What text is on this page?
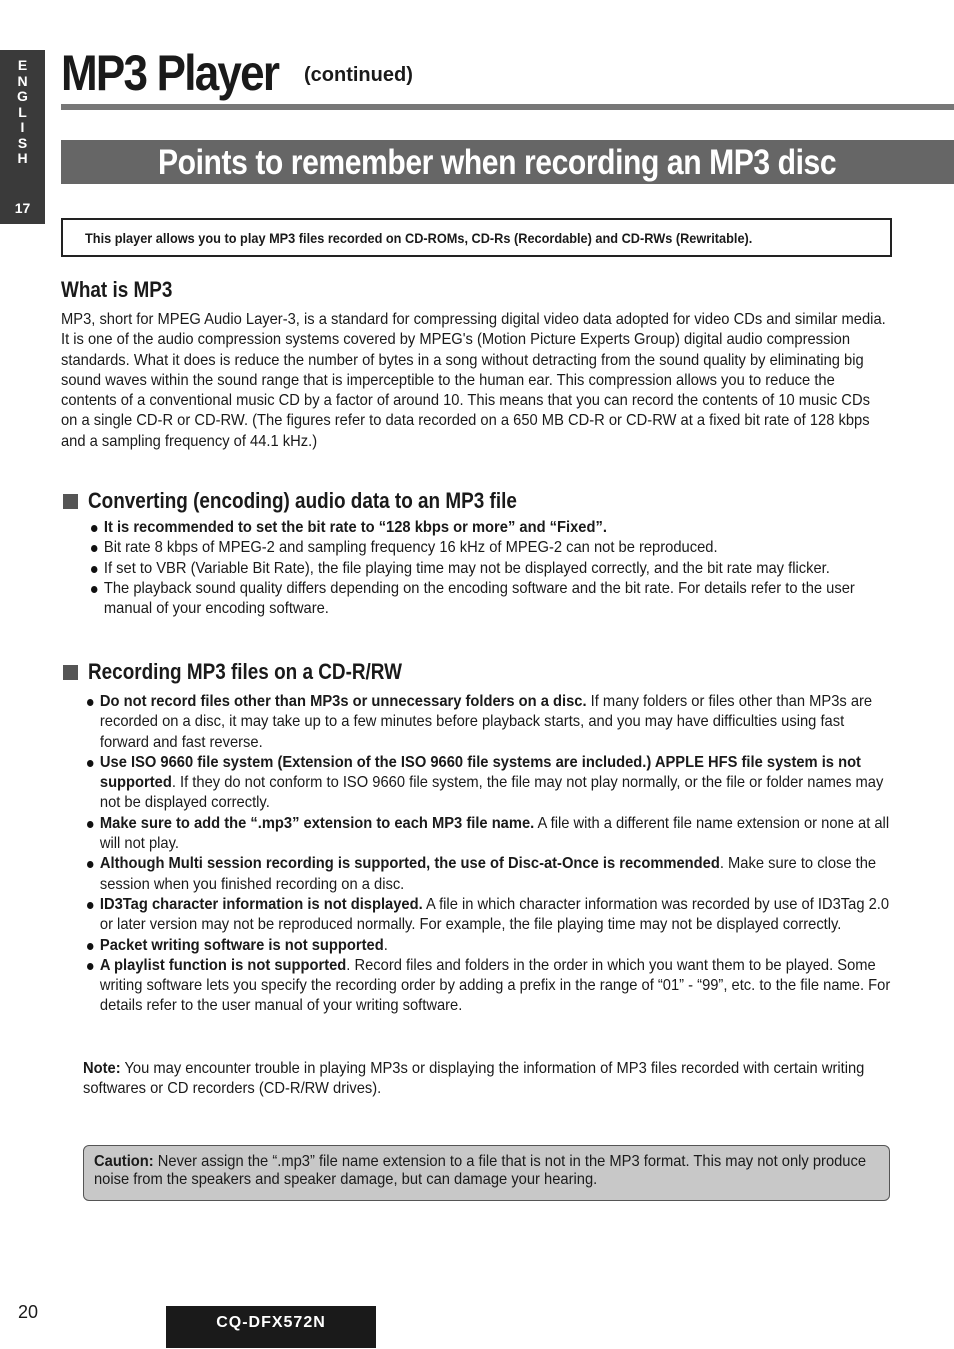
E
N
G
L
I
S
H
17
MP3 Player (continued)
Points to remember when recording an MP3 disc
This player allows you to play MP3 files recorded on CD-ROMs, CD-Rs (Recordable) and CD-RWs (Rewritable).
What is MP3
MP3, short for MPEG Audio Layer-3, is a standard for compressing digital video data adopted for video CDs and similar media. It is one of the audio compression systems covered by MPEG's (Motion Picture Experts Group) digital audio compression standards. What it does is reduce the number of bytes in a song without detracting from the sound quality by eliminating big sound waves within the sound range that is imperceptible to the human ear. This compression allows you to reduce the contents of a conventional music CD by a factor of around 10. This means that you can record the contents of 10 music CDs on a single CD-R or CD-RW. (The figures refer to data recorded on a 650 MB CD-R or CD-RW at a fixed bit rate of 128 kbps and a sampling frequency of 44.1 kHz.)
Converting (encoding) audio data to an MP3 file
It is recommended to set the bit rate to “128 kbps or more” and “Fixed”.
Bit rate 8 kbps of MPEG-2 and sampling frequency 16 kHz of MPEG-2 can not be reproduced.
If set to VBR (Variable Bit Rate), the file playing time may not be displayed correctly, and the bit rate may flicker.
The playback sound quality differs depending on the encoding software and the bit rate. For details refer to the user manual of your encoding software.
Recording MP3 files on a CD-R/RW
Do not record files other than MP3s or unnecessary folders on a disc. If many folders or files other than MP3s are recorded on a disc, it may take up to a few minutes before playback starts, and you may have difficulties using fast forward and fast reverse.
Use ISO 9660 file system (Extension of the ISO 9660 file systems are included.) APPLE HFS file system is not supported. If they do not conform to ISO 9660 file system, the file may not play normally, or the file or folder names may not be displayed correctly.
Make sure to add the “.mp3” extension to each MP3 file name. A file with a different file name extension or none at all will not play.
Although Multi session recording is supported, the use of Disc-at-Once is recommended. Make sure to close the session when you finished recording on a disc.
ID3Tag character information is not displayed. A file in which character information was recorded by use of ID3Tag 2.0 or later version may not be reproduced normally. For example, the file playing time may not be displayed correctly.
Packet writing software is not supported.
A playlist function is not supported. Record files and folders in the order in which you want them to be played. Some writing software lets you specify the recording order by adding a prefix in the range of “01” - “99”, etc. to the file name. For details refer to the user manual of your writing software.
Note: You may encounter trouble in playing MP3s or displaying the information of MP3 files recorded with certain writing softwares or CD recorders (CD-R/RW drives).
Caution: Never assign the “.mp3” file name extension to a file that is not in the MP3 format. This may not only produce noise from the speakers and speaker damage, but can damage your hearing.
20
CQ-DFX572N
